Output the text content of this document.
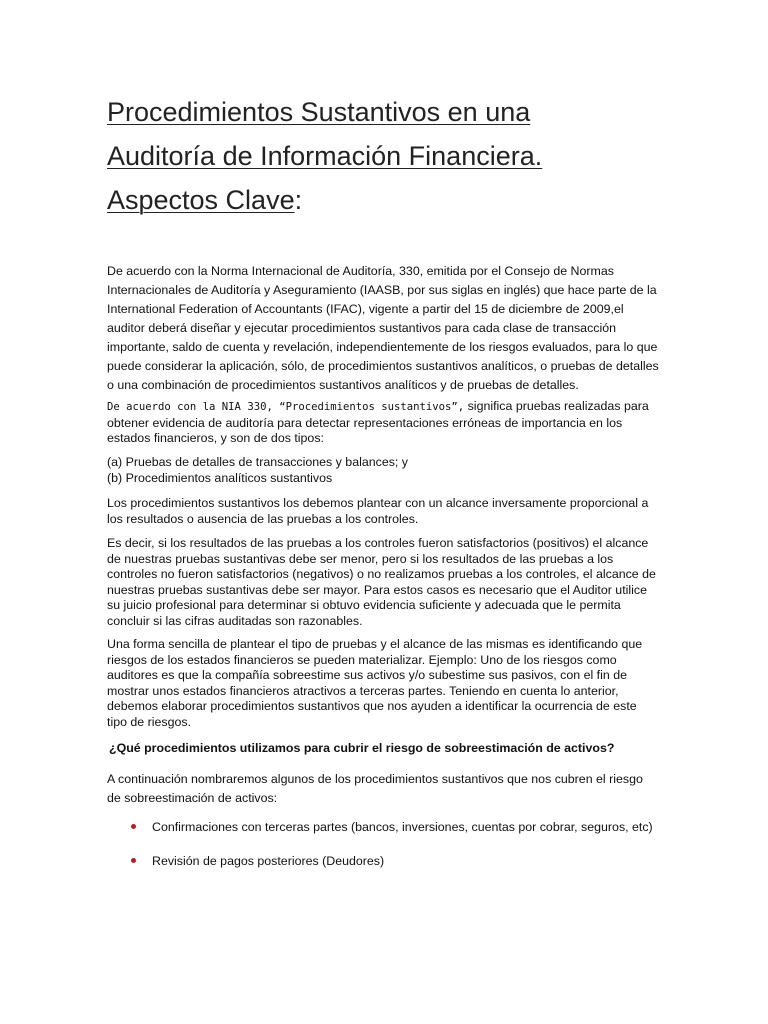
Procedimientos Sustantivos en una
Auditoría de Información Financiera.
Aspectos Clave:

De acuerdo con la Norma Internacional de Auditoría, 330, emitida por el Consejo de Normas Internacionales de Auditoría y Aseguramiento (IAASB, por sus siglas en inglés) que hace parte de la International Federation of Accountants (IFAC), vigente a partir del 15 de diciembre de 2009,el auditor deberá diseñar y ejecutar procedimientos sustantivos para cada clase de transacción importante, saldo de cuenta y revelación, independientemente de los riesgos evaluados, para lo que puede considerar la aplicación, sólo, de procedimientos sustantivos analíticos, o pruebas de detalles o una combinación de procedimientos sustantivos analíticos y de pruebas de detalles.

De acuerdo con la NIA 330, “Procedimientos sustantivos”, significa pruebas realizadas para obtener evidencia de auditoría para detectar representaciones erróneas de importancia en los estados financieros, y son de dos tipos:

(a) Pruebas de detalles de transacciones y balances; y
(b) Procedimientos analíticos sustantivos

Los procedimientos sustantivos los debemos plantear con un alcance inversamente proporcional a los resultados o ausencia de las pruebas a los controles.

Es decir, si los resultados de las pruebas a los controles fueron satisfactorios (positivos) el alcance de nuestras pruebas sustantivas debe ser menor, pero si los resultados de las pruebas a los controles no fueron satisfactorios (negativos) o no realizamos pruebas a los controles, el alcance de nuestras pruebas sustantivas debe ser mayor. Para estos casos es necesario que el Auditor utilice su juicio profesional para determinar si obtuvo evidencia suficiente y adecuada que le permita concluir si las cifras auditadas son razonables.

Una forma sencilla de plantear el tipo de pruebas y el alcance de las mismas es identificando que riesgos de los estados financieros se pueden materializar. Ejemplo: Uno de los riesgos como auditores es que la compañía sobreestime sus activos y/o subestime sus pasivos, con el fin de mostrar unos estados financieros atractivos a terceras partes. Teniendo en cuenta lo anterior, debemos elaborar procedimientos sustantivos que nos ayuden a identificar la ocurrencia de este tipo de riesgos.

¿Qué procedimientos utilizamos para cubrir el riesgo de sobreestimación de activos?

A continuación nombraremos algunos de los procedimientos sustantivos que nos cubren el riesgo de sobreestimación de activos:

Confirmaciones con terceras partes (bancos, inversiones, cuentas por cobrar, seguros, etc)
Revisión de pagos posteriores (Deudores)
